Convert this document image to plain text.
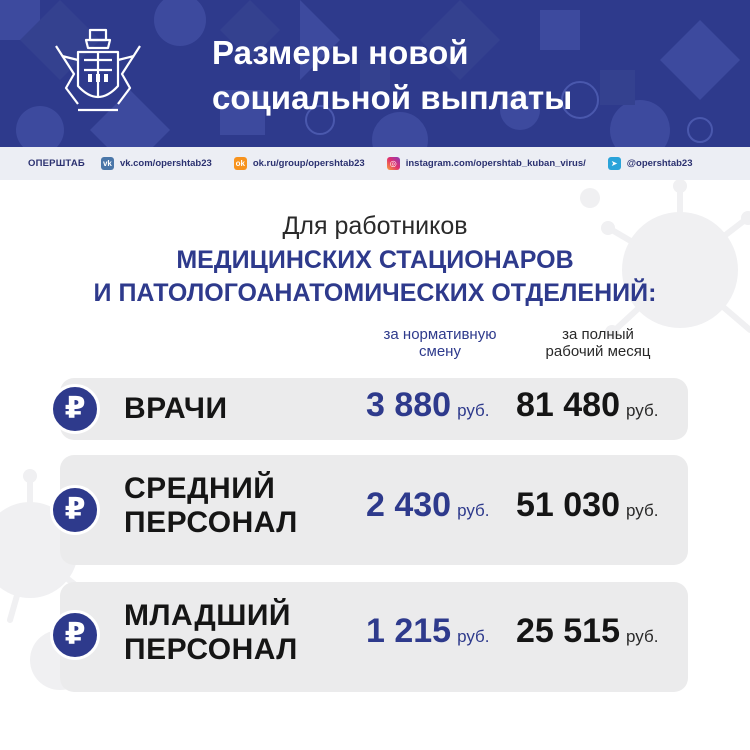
Размеры новой
социальной выплаты
ОПЕРШТАБ vk vk.com/opershtab23	ok ok.ru/group/opershtab23	◎ instagram.com/opershtab_kuban_virus/	➤ @opershtab23
Для работников
МЕДИЦИНСКИХ СТАЦИОНАРОВ
И ПАТОЛОГОАНАТОМИЧЕСКИХ ОТДЕЛЕНИЙ:
за нормативную
смену
за полный
рабочий месяц
₽	ВРАЧИ	3 880 руб. 81 480 руб.
₽
СРЕДНИЙ
ПЕРСОНАЛ	2 430 руб. 51 030 руб.
₽
МЛАДШИЙ
ПЕРСОНАЛ	1 215 руб. 25 515 руб.
